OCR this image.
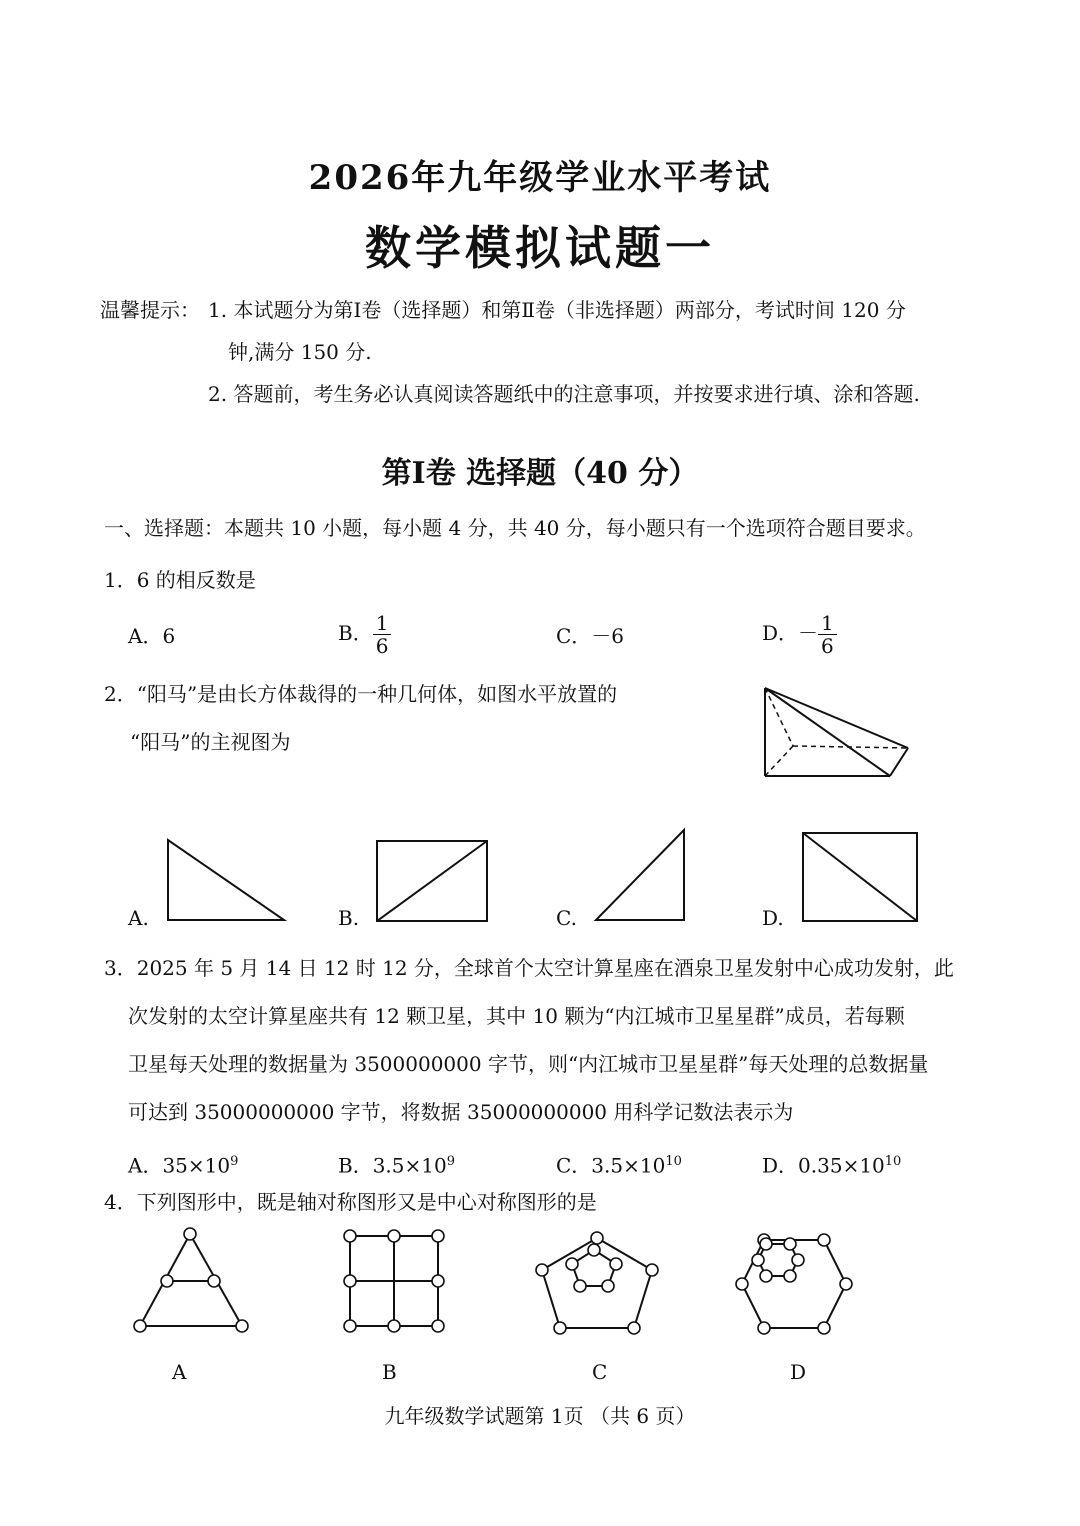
2026年九年级学业水平考试
数学模拟试题一
温馨提示： 1. 本试题分为第Ⅰ卷（选择题）和第Ⅱ卷（非选择题）两部分，考试时间 120 分
钟,满分 150 分.
2. 答题前，考生务必认真阅读答题纸中的注意事项，并按要求进行填、涂和答题.
第Ⅰ卷 选择题（40 分）
一、选择题：本题共 10 小题，每小题 4 分，共 40 分，每小题只有一个选项符合题目要求。
1．6 的相反数是
A．6	B． $\frac{1}{6}$	C．－6	D．－ $\frac{1}{6}$
2．“阳马”是由长方体裁得的一种几何体，如图水平放置的
“阳马”的主视图为
A.	B.	C.	D.
3．2025 年 5 月 14 日 12 时 12 分，全球首个太空计算星座在酒泉卫星发射中心成功发射，此
次发射的太空计算星座共有 12 颗卫星，其中 10 颗为“内江城市卫星星群”成员，若每颗
卫星每天处理的数据量为 3500000000 字节，则“内江城市卫星星群”每天处理的总数据量
可达到 35000000000 字节，将数据 35000000000 用科学记数法表示为
A．$35\times 10^9$	B．$3.5\times 10^9$	C．$3.5\times 10^{10}$	D．$0.35\times 10^{10}$
4．下列图形中，既是轴对称图形又是中心对称图形的是
A	B	C	D
九年级数学试题第 1页 （共 6 页）
